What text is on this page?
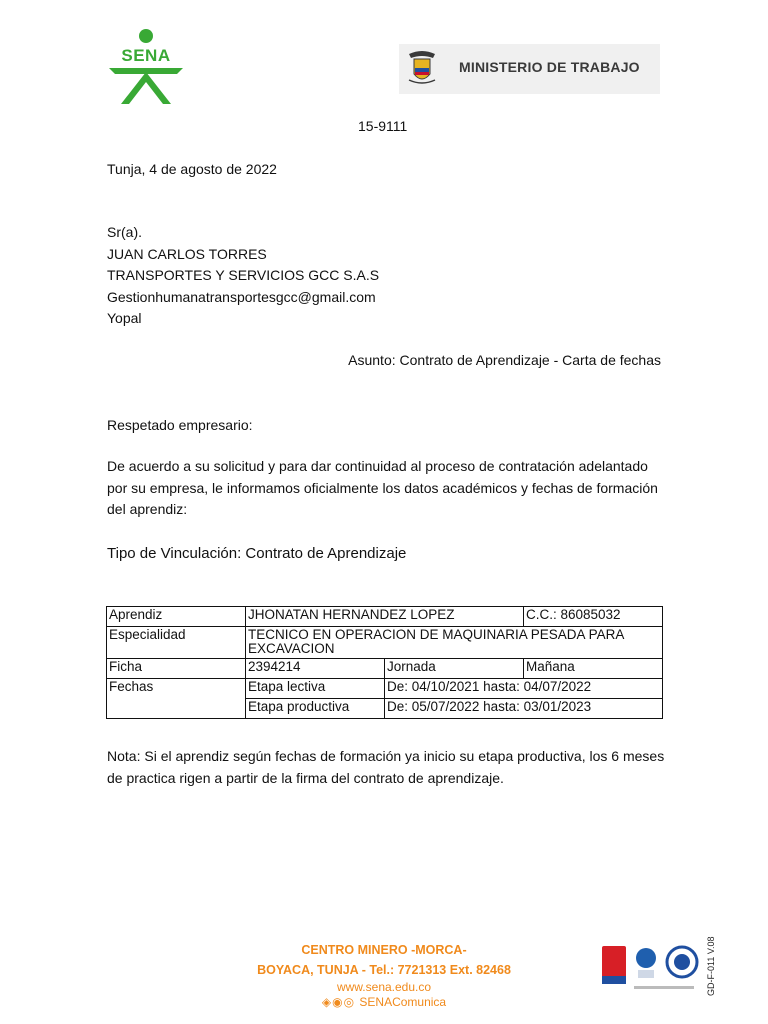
SENA
MINISTERIO DE TRABAJO
15-9111
Tunja, 4 de agosto de 2022
Sr(a).
JUAN CARLOS TORRES
TRANSPORTES Y SERVICIOS GCC S.A.S
Gestionhumanatransportesgcc@gmail.com
Yopal
Asunto: Contrato de Aprendizaje - Carta de fechas
Respetado empresario:
De acuerdo a su solicitud y para dar continuidad al proceso de contratación adelantado por su empresa, le informamos oficialmente los datos académicos y fechas de formación del aprendiz:
Tipo de Vinculación: Contrato de Aprendizaje
Aprendiz	JHONATAN HERNANDEZ LOPEZ		C.C.: 86085032
Especialidad	TECNICO EN OPERACION DE MAQUINARIA PESADA PARA EXCAVACION		
Ficha	2394214	Jornada	Mañana
Fechas	Etapa lectiva	De: 04/10/2021 hasta: 04/07/2022	
	Etapa productiva	De: 05/07/2022 hasta: 03/01/2023	
Nota: Si el aprendiz según fechas de formación ya inicio su etapa productiva, los 6 meses de practica rigen a partir de la firma del contrato de aprendizaje.
CENTRO MINERO -MORCA-
BOYACA, TUNJA - Tel.: 7721313 Ext. 82468
www.sena.edu.co
◈◉◎ SENAComunica
GD-F-011 V.08
